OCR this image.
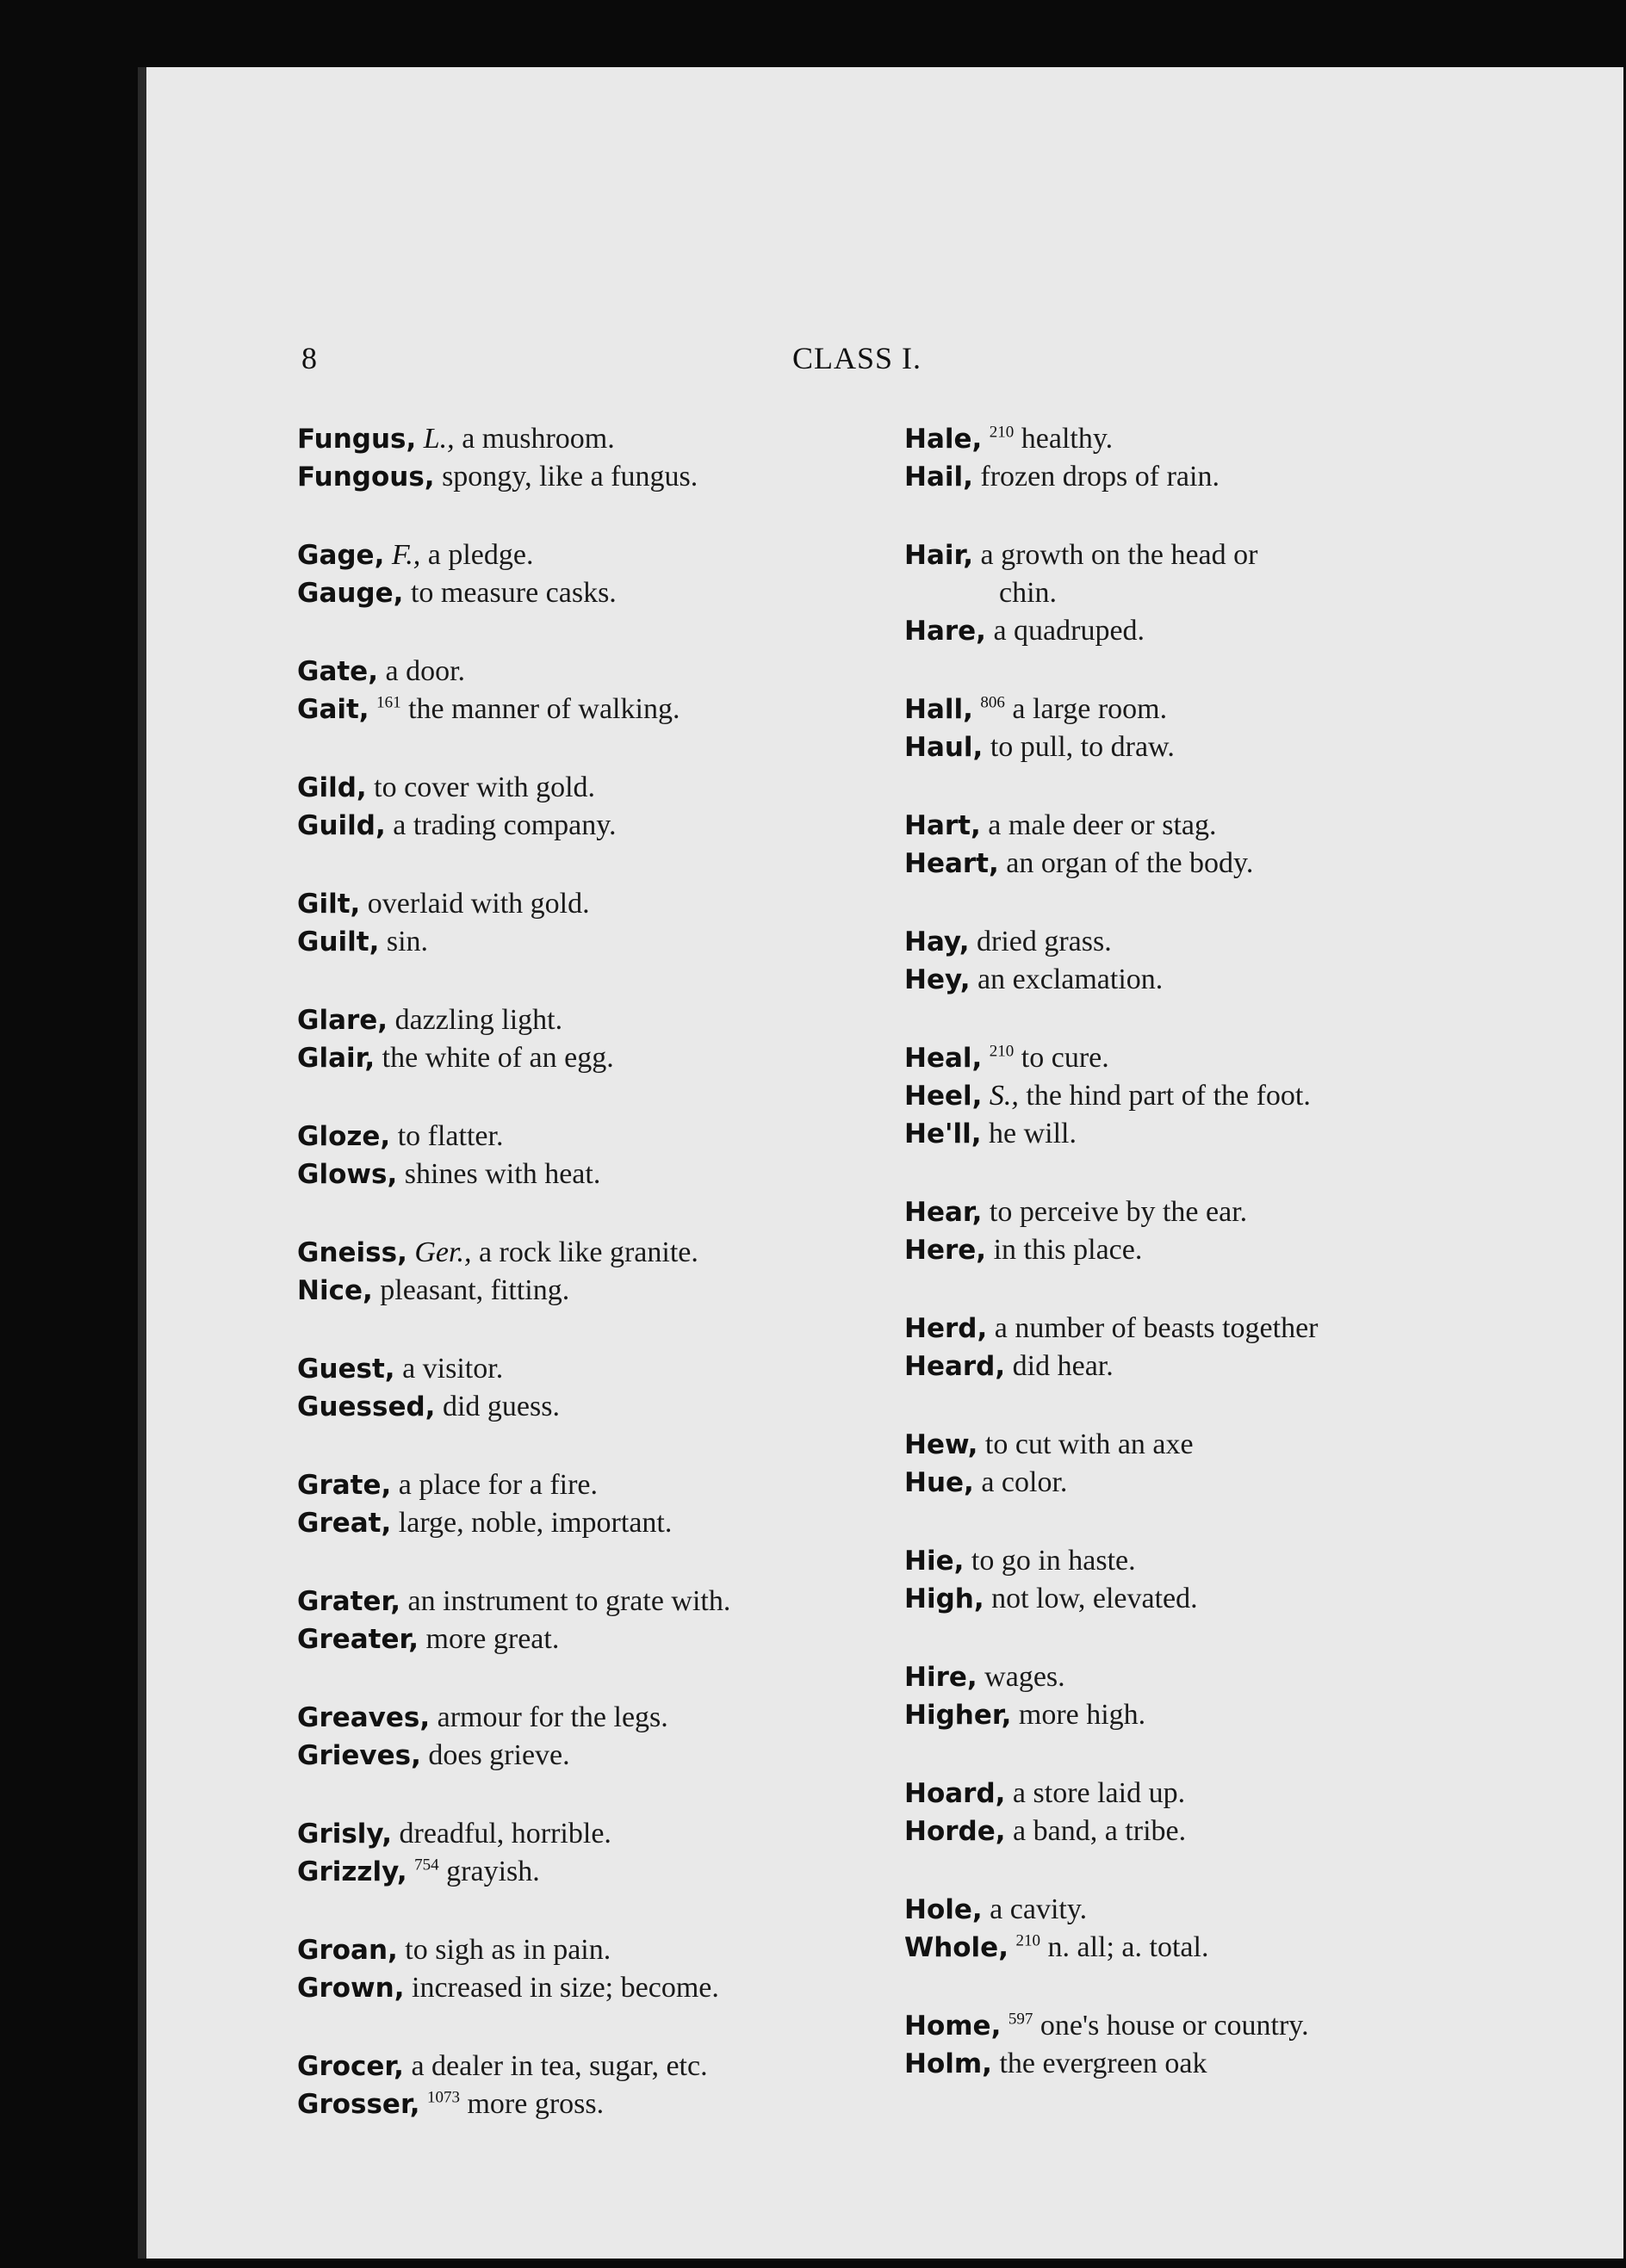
8	CLASS I.
Fungus, L., a mushroom.
Fungous, spongy, like a fungus.
Gage, F., a pledge.
Gauge, to measure casks.
Gate, a door.
Gait, $^{161}$ the manner of walking.
Gild, to cover with gold.
Guild, a trading company.
Gilt, overlaid with gold.
Guilt, sin.
Glare, dazzling light.
Glair, the white of an egg.
Gloze, to flatter.
Glows, shines with heat.
Gneiss, Ger., a rock like granite.
Nice, pleasant, fitting.
Guest, a visitor.
Guessed, did guess.
Grate, a place for a fire.
Great, large, noble, important.
Grater, an instrument to grate with.
Greater, more great.
Greaves, armour for the legs.
Grieves, does grieve.
Grisly, dreadful, horrible.
Grizzly, $^{754}$ grayish.
Groan, to sigh as in pain.
Grown, increased in size; become.
Grocer, a dealer in tea, sugar, etc.
Grosser, $^{1073}$ more gross.
Hale, $^{210}$ healthy.
Hail, frozen drops of rain.
Hair, a growth on the head or
chin.
Hare, a quadruped.
Hall, $^{806}$ a large room.
Haul, to pull, to draw.
Hart, a male deer or stag.
Heart, an organ of the body.
Hay, dried grass.
Hey, an exclamation.
Heal, $^{210}$ to cure.
Heel, S., the hind part of the foot.
He'll, he will.
Hear, to perceive by the ear.
Here, in this place.
Herd, a number of beasts together
Heard, did hear.
Hew, to cut with an axe
Hue, a color.
Hie, to go in haste.
High, not low, elevated.
Hire, wages.
Higher, more high.
Hoard, a store laid up.
Horde, a band, a tribe.
Hole, a cavity.
Whole, $^{210}$ n. all; a. total.
Home, $^{597}$ one's house or country.
Holm, the evergreen oak
